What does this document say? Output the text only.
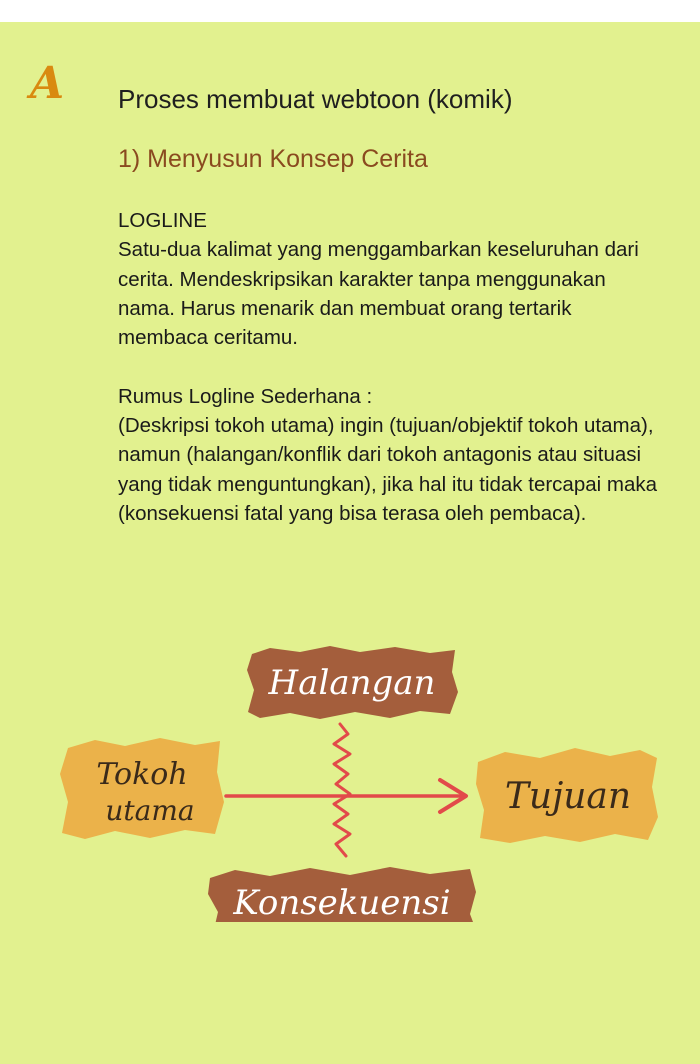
A Proses membuat webtoon (komik)
1) Menyusun Konsep Cerita

LOGLINE

Satu-dua kalimat yang menggambarkan keseluruhan dari cerita. Mendeskripsikan karakter tanpa menggunakan nama. Harus menarik dan membuat orang tertarik membaca ceritamu.

Rumus Logline Sederhana :

(Deskripsi tokoh utama) ingin (tujuan/objektif tokoh utama), namun (halangan/konflik dari tokoh antagonis atau situasi yang tidak menguntungkan), jika hal itu tidak tercapai maka (konsekuensi fatal yang bisa terasa oleh pembaca).

Halangan
Tokoh
utama	Tujuan
Konsekuensi
